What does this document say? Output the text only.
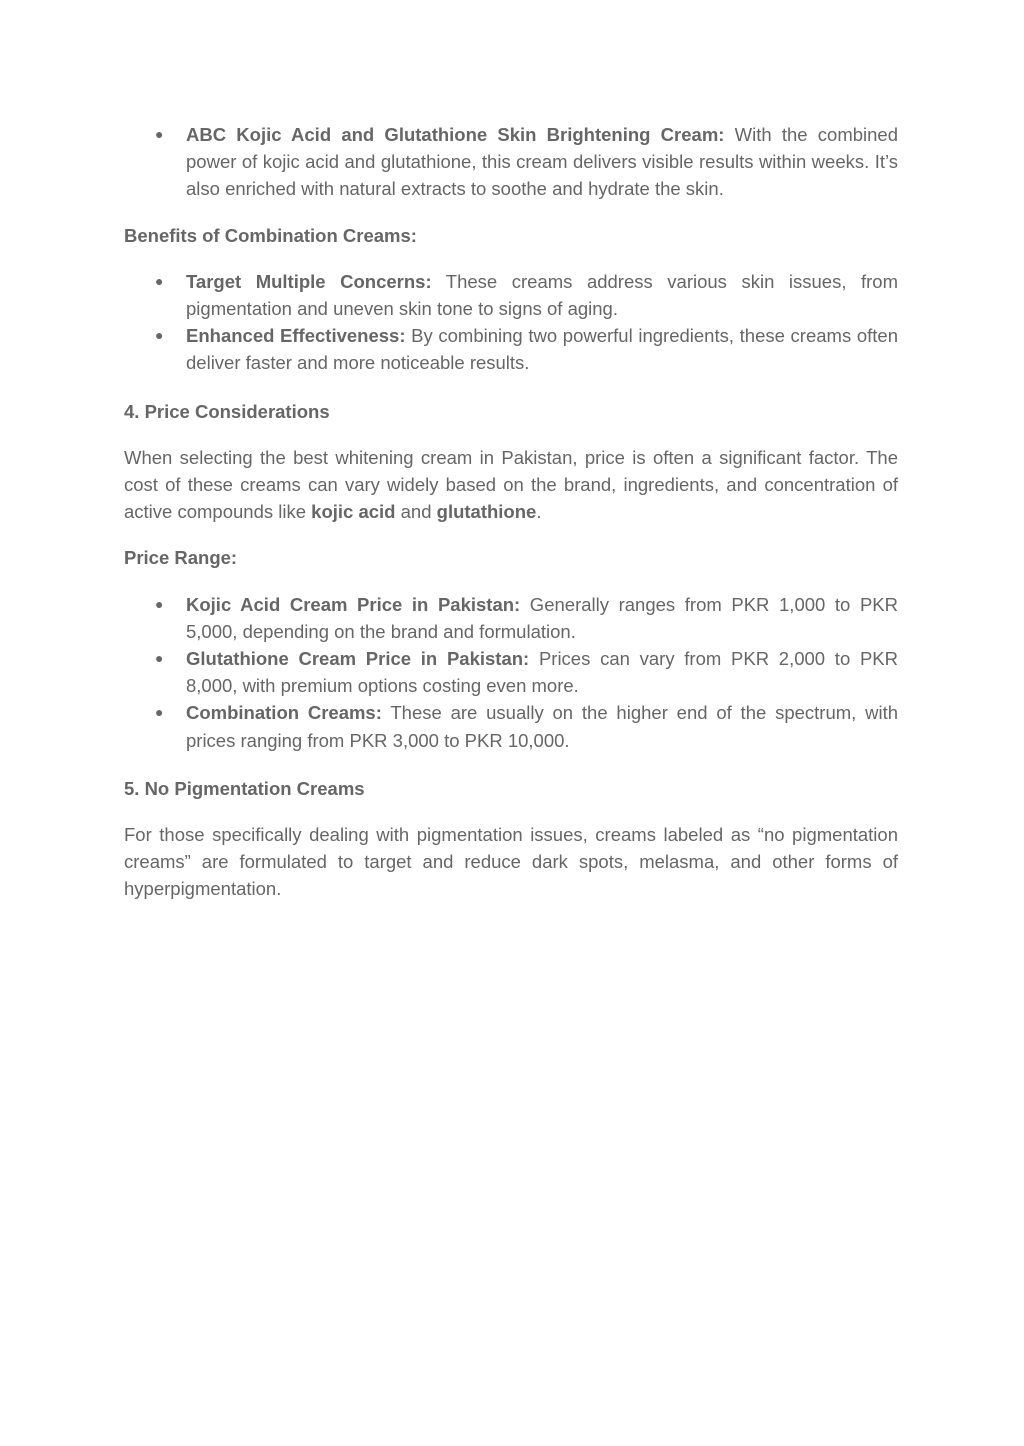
● ABC Kojic Acid and Glutathione Skin Brightening Cream: With the combined power of kojic acid and glutathione, this cream delivers visible results within weeks. It’s also enriched with natural extracts to soothe and hydrate the skin.

Benefits of Combination Creams:

● Target Multiple Concerns: These creams address various skin issues, from pigmentation and uneven skin tone to signs of aging.
● Enhanced Effectiveness: By combining two powerful ingredients, these creams often deliver faster and more noticeable results.

4. Price Considerations

When selecting the best whitening cream in Pakistan, price is often a significant factor. The cost of these creams can vary widely based on the brand, ingredients, and concentration of active compounds like kojic acid and glutathione.

Price Range:

● Kojic Acid Cream Price in Pakistan: Generally ranges from PKR 1,000 to PKR 5,000, depending on the brand and formulation.
● Glutathione Cream Price in Pakistan: Prices can vary from PKR 2,000 to PKR 8,000, with premium options costing even more.
● Combination Creams: These are usually on the higher end of the spectrum, with prices ranging from PKR 3,000 to PKR 10,000.

5. No Pigmentation Creams

For those specifically dealing with pigmentation issues, creams labeled as “no pigmentation creams” are formulated to target and reduce dark spots, melasma, and other forms of hyperpigmentation.
